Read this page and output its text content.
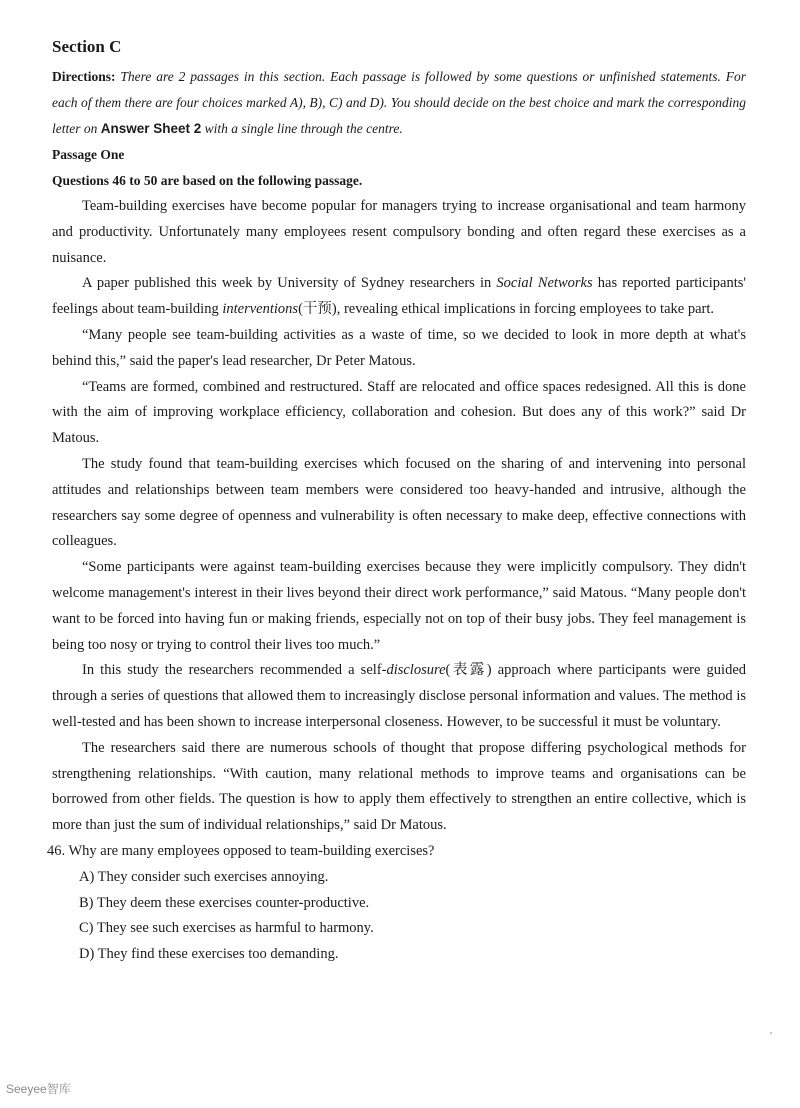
Section C

Directions: There are 2 passages in this section. Each passage is followed by some questions or unfinished statements. For each of them there are four choices marked A), B), C) and D). You should decide on the best choice and mark the corresponding letter on Answer Sheet 2 with a single line through the centre.

Passage One

Questions 46 to 50 are based on the following passage.

Team-building exercises have become popular for managers trying to increase organisational and team harmony and productivity. Unfortunately many employees resent compulsory bonding and often regard these exercises as a nuisance.

A paper published this week by University of Sydney researchers in Social Networks has reported participants' feelings about team-building interventions(干预), revealing ethical implications in forcing employees to take part.

“Many people see team-building activities as a waste of time, so we decided to look in more depth at what's behind this,” said the paper's lead researcher, Dr Peter Matous.

“Teams are formed, combined and restructured. Staff are relocated and office spaces redesigned. All this is done with the aim of improving workplace efficiency, collaboration and cohesion. But does any of this work?” said Dr Matous.

The study found that team-building exercises which focused on the sharing of and intervening into personal attitudes and relationships between team members were considered too heavy-handed and intrusive, although the researchers say some degree of openness and vulnerability is often necessary to make deep, effective connections with colleagues.

“Some participants were against team-building exercises because they were implicitly compulsory. They didn't welcome management's interest in their lives beyond their direct work performance,” said Matous. “Many people don't want to be forced into having fun or making friends, especially not on top of their busy jobs. They feel management is being too nosy or trying to control their lives too much.”

In this study the researchers recommended a self-disclosure(表露) approach where participants were guided through a series of questions that allowed them to increasingly disclose personal information and values. The method is well-tested and has been shown to increase interpersonal closeness. However, to be successful it must be voluntary.

The researchers said there are numerous schools of thought that propose differing psychological methods for strengthening relationships. “With caution, many relational methods to improve teams and organisations can be borrowed from other fields. The question is how to apply them effectively to strengthen an entire collective, which is more than just the sum of individual relationships,” said Dr Matous.

46. Why are many employees opposed to team-building exercises?

A) They consider such exercises annoying.

B) They deem these exercises counter-productive.

C) They see such exercises as harmful to harmony.

D) They find these exercises too demanding.

Seeyee智库
